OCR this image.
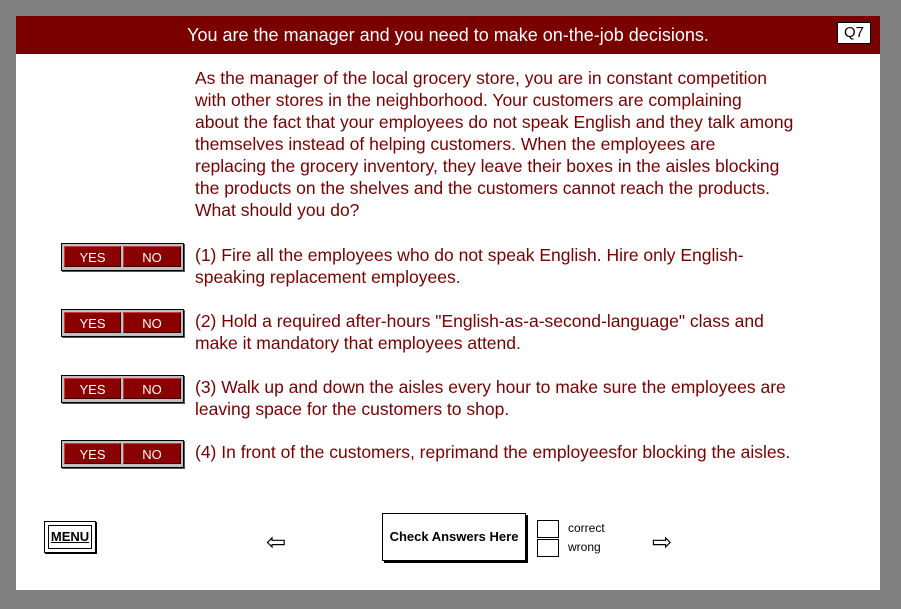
You are the manager and you need to make on-the-job decisions.	Q7
As the manager of the local grocery store, you are in constant competition
with other stores in the neighborhood. Your customers are complaining
about the fact that your employees do not speak English and they talk among
themselves instead of helping customers. When the employees are
replacing the grocery inventory, they leave their boxes in the aisles blocking
the products on the shelves and the customers cannot reach the products.
What should you do?
YES	NO	(1) Fire all the employees who do not speak English. Hire only English-
speaking replacement employees.
YES	NO	(2) Hold a required after-hours "English-as-a-second-language" class and
make it mandatory that employees attend.
YES	NO	(3) Walk up and down the aisles every hour to make sure the employees are
leaving space for the customers to shop.
YES	NO	(4) In front of the customers, reprimand the employeesfor blocking the aisles.
MENU	⇦	Check Answers Here
correct
wrong ⇨
